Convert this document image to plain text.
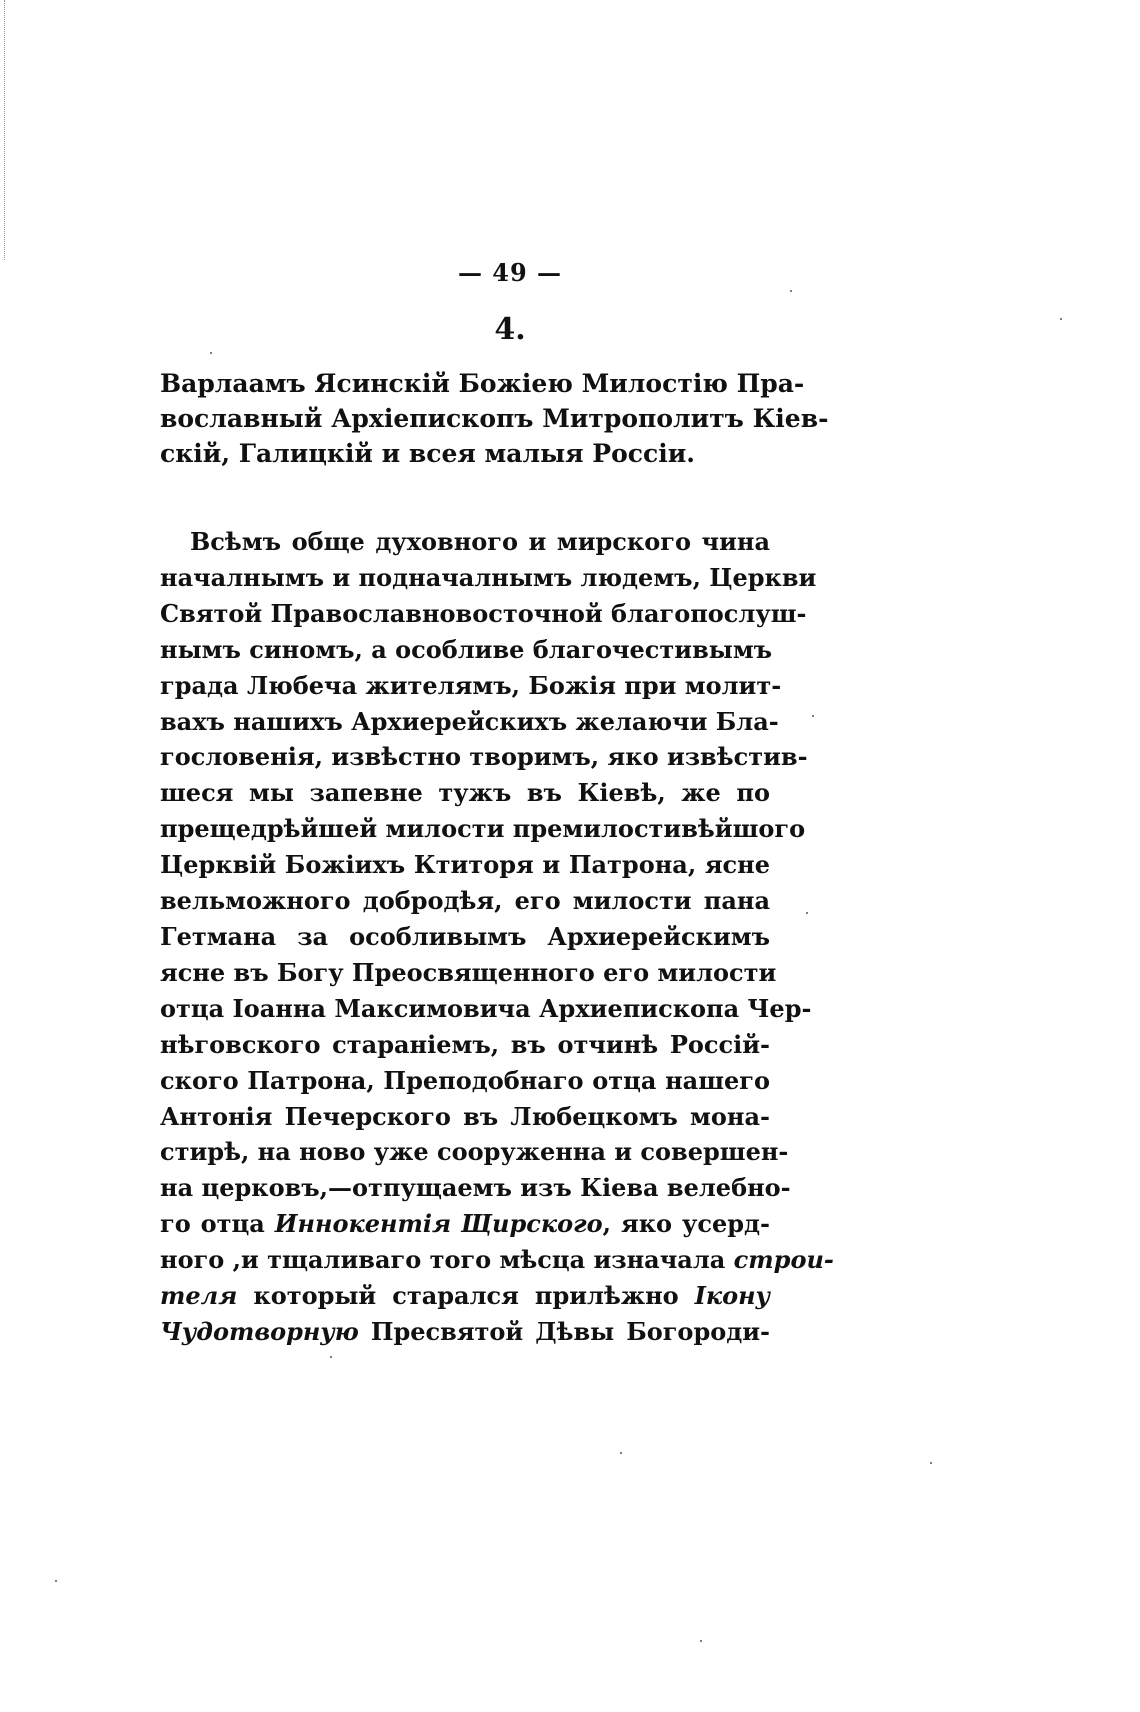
— 49 —
4.
Варлаамъ Ясинскій Божіею Милостію Пра-
вославный Архіепископъ Митрополитъ Кіев-
скій, Галицкій и всея малыя Россіи.
Всѣмъ обще духовного и мирского чина
началнымъ и подначалнымъ людемъ, Церкви
Святой Православновосточной благопослуш-
нымъ синомъ, а особливе благочестивымъ
града Любеча жителямъ, Божія при молит-
вахъ нашихъ Архиерейскихъ желаючи Бла-
гословенія, извѣстно творимъ, яко извѣстив-
шеся мы запевне тужъ въ Кіевѣ, же по
прещедрѣйшей милости премилостивѣйшого
Церквій Божіихъ Ктиторя и Патрона, ясне
вельможного добродѣя, его милости пана
Гетмана за особливымъ Архиерейскимъ
ясне въ Богу Преосвященного его милости
отца Іоанна Максимовича Архиепископа Чер-
нѣговского стараніемъ, въ отчинѣ Россій-
ского Патрона, Преподобнаго отца нашего
Антонія Печерского въ Любецкомъ мона-
стирѣ, на ново уже сооруженна и совершен-
на церковъ,—отпущаемъ изъ Кіева велебно-
го отца Иннокентія Щирского, яко усерд-
ного ,и тщаливаго того мѣсца изначала строи-
теля который старался прилѣжно Ікону
Чудотворную Пресвятой Дѣвы Богороди-
